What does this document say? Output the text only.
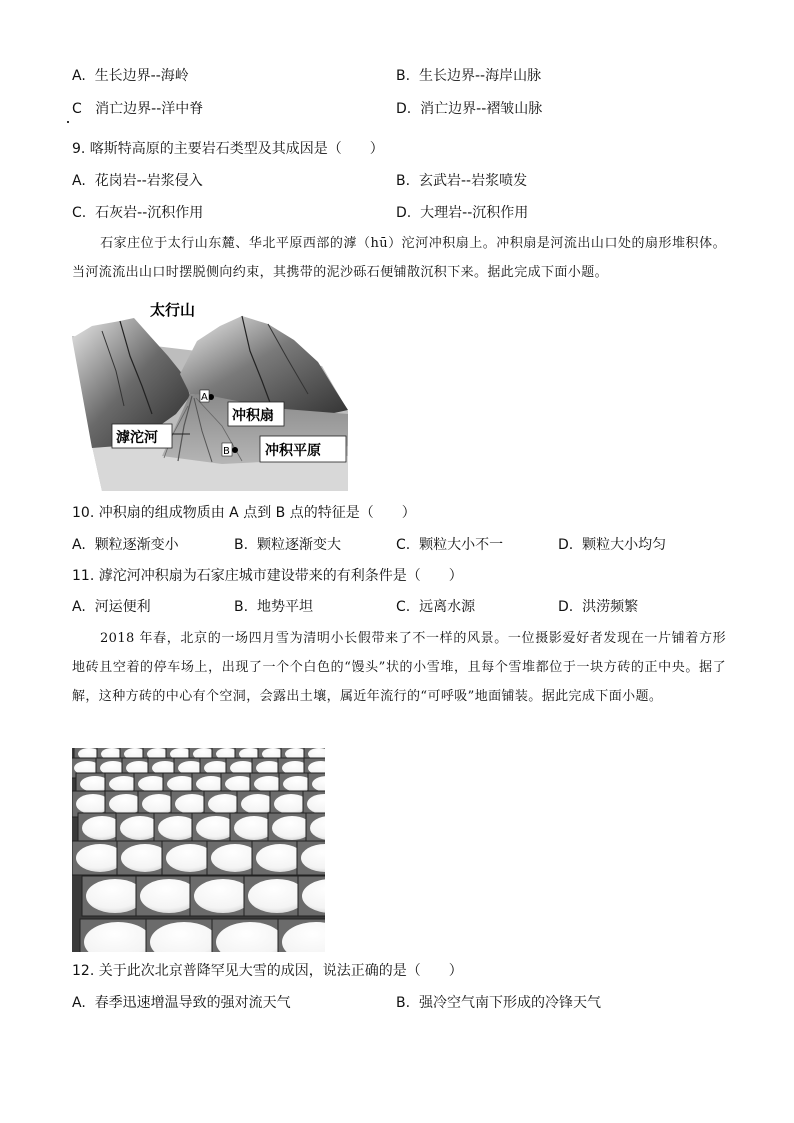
A. 生长边界--海岭	B. 生长边界--海岸山脉
C 消亡边界--洋中脊	D. 消亡边界--褶皱山脉
9. 喀斯特高原的主要岩石类型及其成因是（　　）
A. 花岗岩--岩浆侵入	B. 玄武岩--岩浆喷发
C. 石灰岩--沉积作用	D. 大理岩--沉积作用
石家庄位于太行山东麓、华北平原西部的滹（hū）沱河冲积扇上。冲积扇是河流出山口处的扇形堆积体。当河流流出山口时摆脱侧向约束，其携带的泥沙砾石便铺散沉积下来。据此完成下面小题。
A
B
太行山
冲积扇
滹沱河
冲积平原
10. 冲积扇的组成物质由 A 点到 B 点的特征是（　　）
A. 颗粒逐渐变小	B. 颗粒逐渐变大	C. 颗粒大小不一	D. 颗粒大小均匀
11. 滹沱河冲积扇为石家庄城市建设带来的有利条件是（　　）
A. 河运便利	B. 地势平坦	C. 远离水源	D. 洪涝频繁
2018 年春，北京的一场四月雪为清明小长假带来了不一样的风景。一位摄影爱好者发现在一片铺着方形地砖且空着的停车场上，出现了一个个白色的“馒头”状的小雪堆，且每个雪堆都位于一块方砖的正中央。据了解，这种方砖的中心有个空洞，会露出土壤，属近年流行的“可呼吸”地面铺装。据此完成下面小题。
12. 关于此次北京普降罕见大雪的成因，说法正确的是（　　）
A. 春季迅速增温导致的强对流天气	B. 强冷空气南下形成的冷锋天气
